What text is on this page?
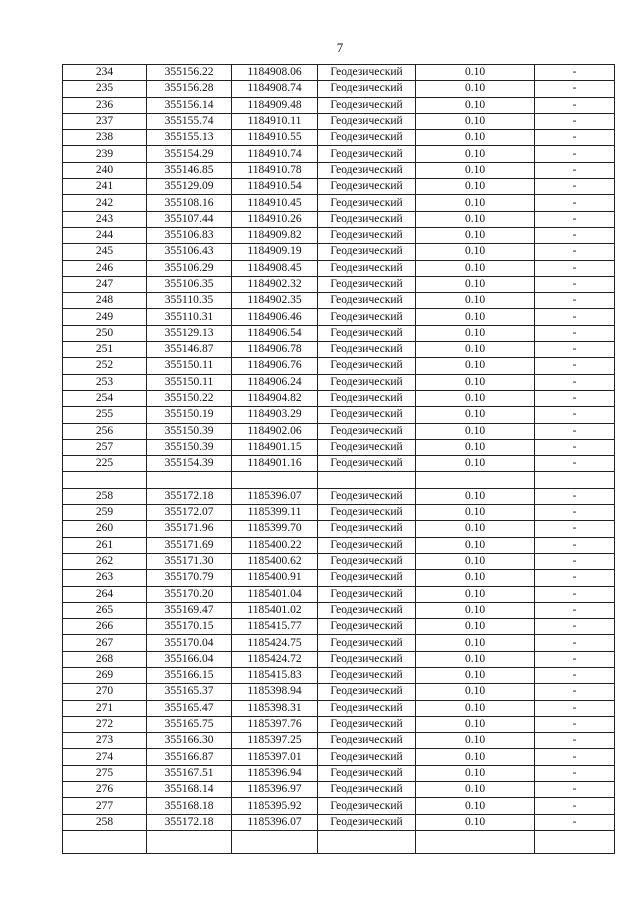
7
234	355156.22	1184908.06	Геодезический	0.10	-
235	355156.28	1184908.74	Геодезический	0.10	-
236	355156.14	1184909.48	Геодезический	0.10	-
237	355155.74	1184910.11	Геодезический	0.10	-
238	355155.13	1184910.55	Геодезический	0.10	-
239	355154.29	1184910.74	Геодезический	0.10	-
240	355146.85	1184910.78	Геодезический	0.10	-
241	355129.09	1184910.54	Геодезический	0.10	-
242	355108.16	1184910.45	Геодезический	0.10	-
243	355107.44	1184910.26	Геодезический	0.10	-
244	355106.83	1184909.82	Геодезический	0.10	-
245	355106.43	1184909.19	Геодезический	0.10	-
246	355106.29	1184908.45	Геодезический	0.10	-
247	355106.35	1184902.32	Геодезический	0.10	-
248	355110.35	1184902.35	Геодезический	0.10	-
249	355110.31	1184906.46	Геодезический	0.10	-
250	355129.13	1184906.54	Геодезический	0.10	-
251	355146.87	1184906.78	Геодезический	0.10	-
252	355150.11	1184906.76	Геодезический	0.10	-
253	355150.11	1184906.24	Геодезический	0.10	-
254	355150.22	1184904.82	Геодезический	0.10	-
255	355150.19	1184903.29	Геодезический	0.10	-
256	355150.39	1184902.06	Геодезический	0.10	-
257	355150.39	1184901.15	Геодезический	0.10	-
225	355154.39	1184901.16	Геодезический	0.10	-

258	355172.18	1185396.07	Геодезический	0.10	-
259	355172.07	1185399.11	Геодезический	0.10	-
260	355171.96	1185399.70	Геодезический	0.10	-
261	355171.69	1185400.22	Геодезический	0.10	-
262	355171.30	1185400.62	Геодезический	0.10	-
263	355170.79	1185400.91	Геодезический	0.10	-
264	355170.20	1185401.04	Геодезический	0.10	-
265	355169.47	1185401.02	Геодезический	0.10	-
266	355170.15	1185415.77	Геодезический	0.10	-
267	355170.04	1185424.75	Геодезический	0.10	-
268	355166.04	1185424.72	Геодезический	0.10	-
269	355166.15	1185415.83	Геодезический	0.10	-
270	355165.37	1185398.94	Геодезический	0.10	-
271	355165.47	1185398.31	Геодезический	0.10	-
272	355165.75	1185397.76	Геодезический	0.10	-
273	355166.30	1185397.25	Геодезический	0.10	-
274	355166.87	1185397.01	Геодезический	0.10	-
275	355167.51	1185396.94	Геодезический	0.10	-
276	355168.14	1185396.97	Геодезический	0.10	-
277	355168.18	1185395.92	Геодезический	0.10	-
258	355172.18	1185396.07	Геодезический	0.10	-
